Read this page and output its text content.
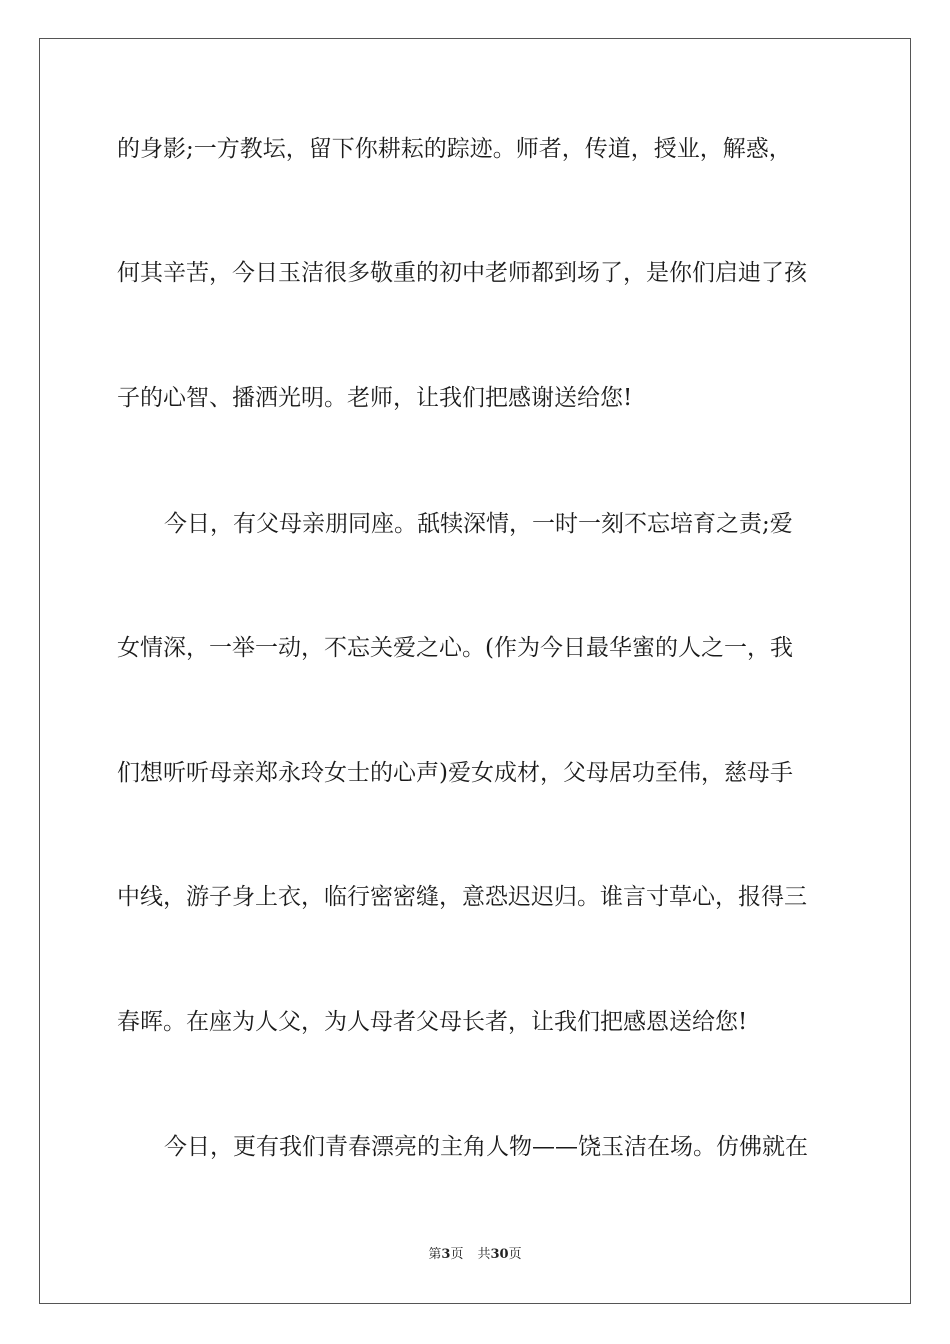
的身影;一方教坛，留下你耕耘的踪迹。师者，传道，授业，解惑，
何其辛苦，今日玉洁很多敬重的初中老师都到场了，是你们启迪了孩
子的心智、播洒光明。老师，让我们把感谢送给您!
今日，有父母亲朋同座。舐犊深情，一时一刻不忘培育之责;爱
女情深，一举一动，不忘关爱之心。(作为今日最华蜜的人之一，我
们想听听母亲郑永玲女士的心声)爱女成材，父母居功至伟，慈母手
中线，游子身上衣，临行密密缝，意恐迟迟归。谁言寸草心，报得三
春晖。在座为人父，为人母者父母长者，让我们把感恩送给您!
今日，更有我们青春漂亮的主角人物——饶玉洁在场。仿佛就在
第3页 共30页
